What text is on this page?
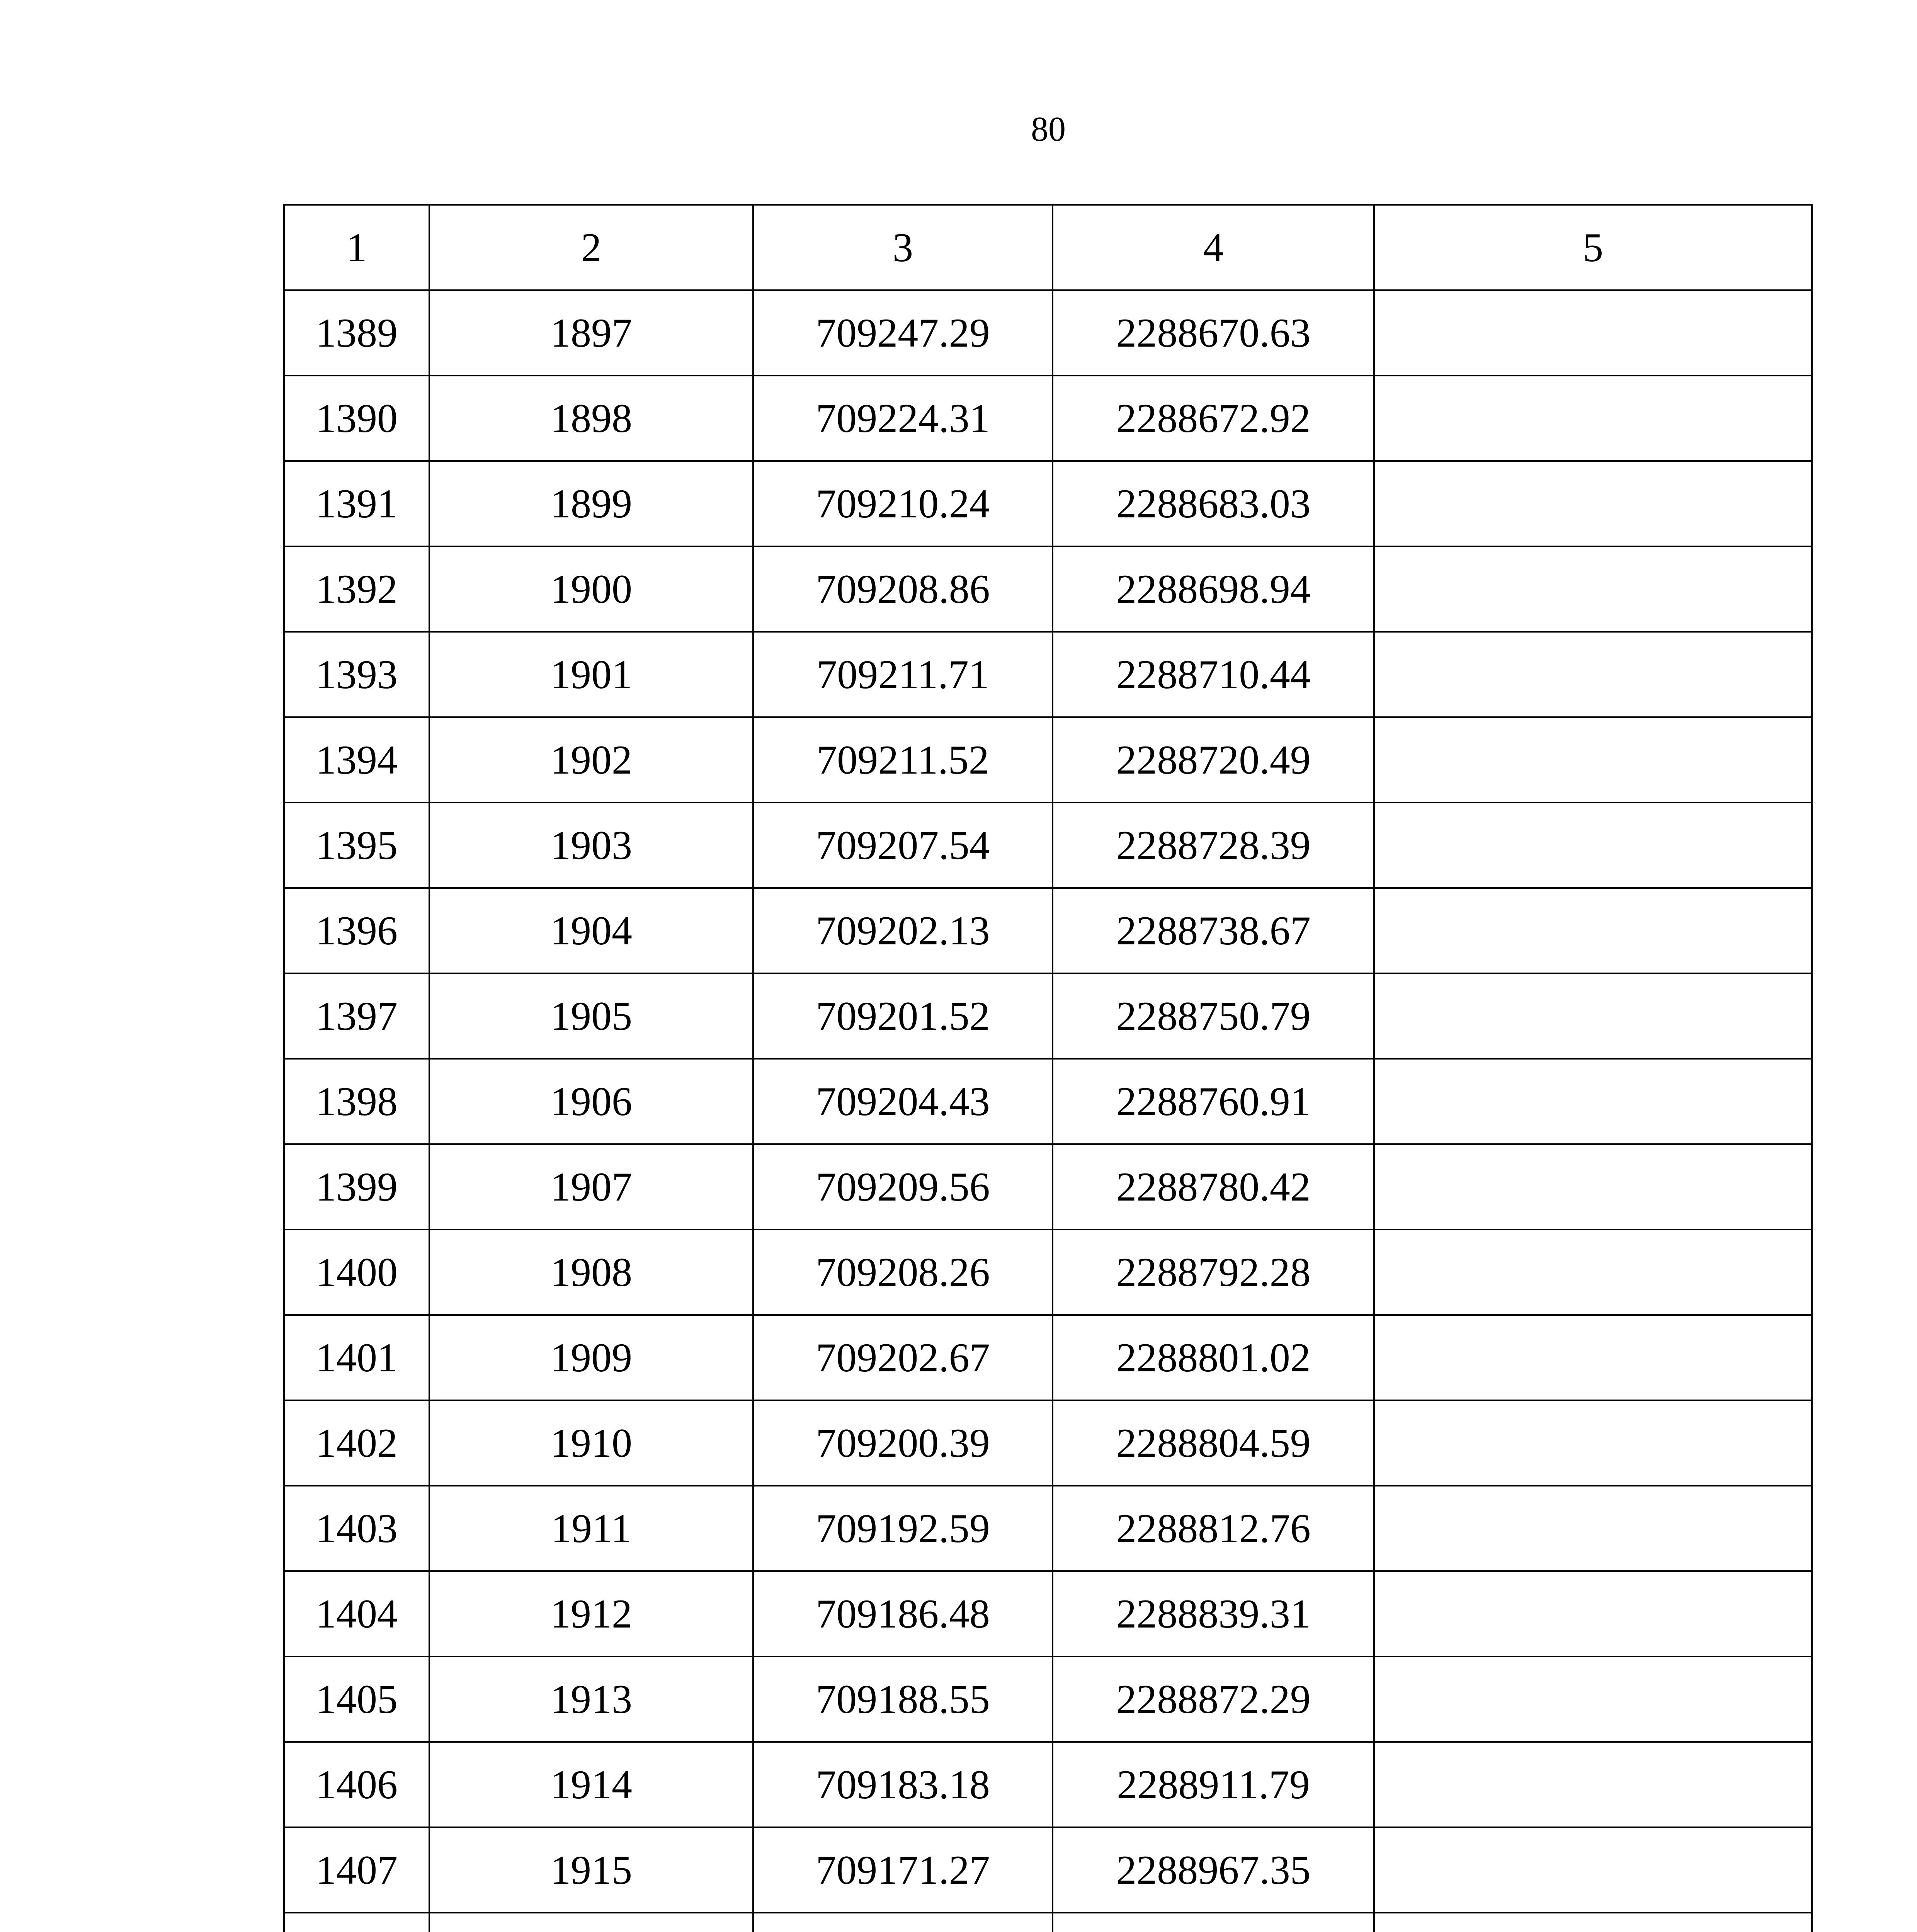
80
1	2	3	4	5
1389	1897	709247.29	2288670.63	
1390	1898	709224.31	2288672.92	
1391	1899	709210.24	2288683.03	
1392	1900	709208.86	2288698.94	
1393	1901	709211.71	2288710.44	
1394	1902	709211.52	2288720.49	
1395	1903	709207.54	2288728.39	
1396	1904	709202.13	2288738.67	
1397	1905	709201.52	2288750.79	
1398	1906	709204.43	2288760.91	
1399	1907	709209.56	2288780.42	
1400	1908	709208.26	2288792.28	
1401	1909	709202.67	2288801.02	
1402	1910	709200.39	2288804.59	
1403	1911	709192.59	2288812.76	
1404	1912	709186.48	2288839.31	
1405	1913	709188.55	2288872.29	
1406	1914	709183.18	2288911.79	
1407	1915	709171.27	2288967.35	
